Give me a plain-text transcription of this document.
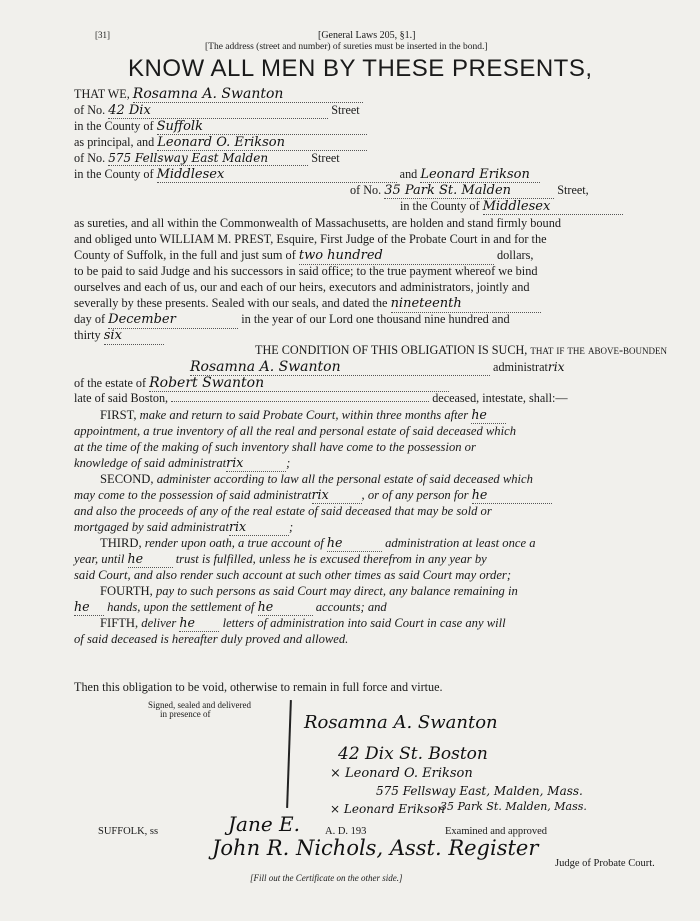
[31]	[General Laws 205, §1.]
[The address (street and number) of sureties must be inserted in the bond.]
KNOW ALL MEN BY THESE PRESENTS,
THAT WE, Rosamna A. Swanton
of No. 42 Dix	Street
in the County of Suffolk
as principal, and Leonard O. Erikson
of No. 575 Fellsway East Malden	Street
in the County of Middlesex	and Leonard Erikson
of No. 35 Park St. Malden	Street,
in the County of Middlesex
as sureties, and all within the Commonwealth of Massachusetts, are holden and stand firmly bound
and obliged unto WILLIAM M. PREST, Esquire, First Judge of the Probate Court in and for the
County of Suffolk, in the full and just sum of two hundred	dollars,
to be paid to said Judge and his successors in said office; to the true payment whereof we bind
ourselves and each of us, our and each of our heirs, executors and administrators, jointly and
severally by these presents. Sealed with our seals, and dated the nineteenth
day of December	in the year of our Lord one thousand nine hundred and
thirty six
THE CONDITION OF THIS OBLIGATION IS SUCH, that if the above-bounden
Rosamna A. Swanton	administratrix
of the estate of Robert Swanton
late of said Boston,	deceased, intestate, shall:—
FIRST, make and return to said Probate Court, within three months after he
appointment, a true inventory of all the real and personal estate of said deceased which
at the time of the making of such inventory shall have come to the possession or
knowledge of said administratrix	;
SECOND, administer according to law all the personal estate of said deceased which
may come to the possession of said administratrix	, or of any person for he
and also the proceeds of any of the real estate of said deceased that may be sold or
mortgaged by said administratrix	;
THIRD, render upon oath, a true account of he	administration at least once a
year, until he	trust is fulfilled, unless he is excused therefrom in any year by
said Court, and also render such account at such other times as said Court may order;
FOURTH, pay to such persons as said Court may direct, any balance remaining in
he hands, upon the settlement of he	accounts; and
FIFTH, deliver he letters of administration into said Court in case any will
of said deceased is hereafter duly proved and allowed.
Then this obligation to be void, otherwise to remain in full force and virtue.
Signed, sealed and delivered
in presence of	Rosamna A. Swanton
42 Dix St. Boston
× Leonard O. Erikson
575 Fellsway East, Malden, Mass.
× Leonard Erikson
35 Park St. Malden, Mass.
SUFFOLK, ss	Jane E. A. D. 193	Examined and approved
John R. Nichols, Asst. Register
Judge of Probate Court.
[Fill out the Certificate on the other side.]
